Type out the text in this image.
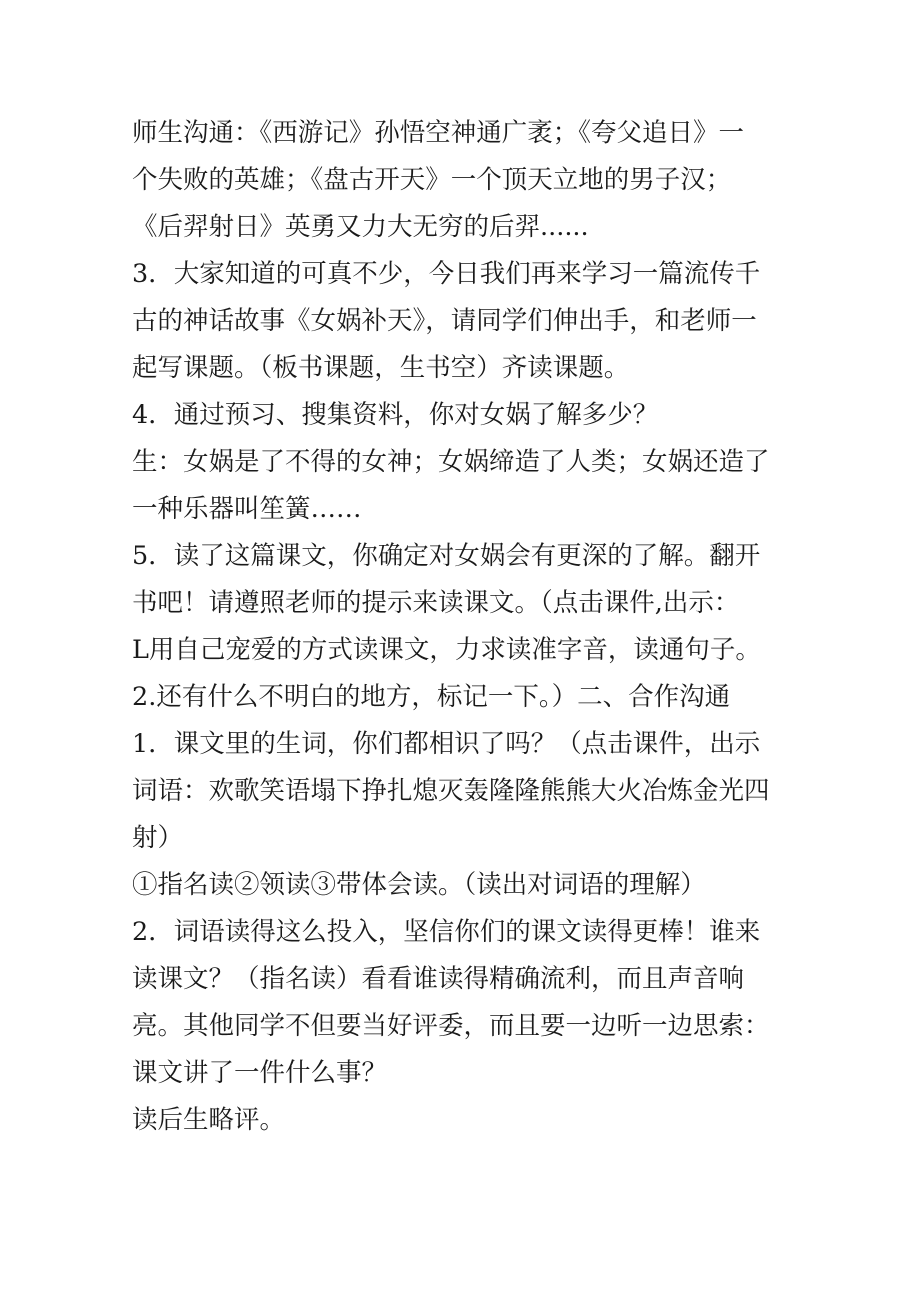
师生沟通：《西游记》孙悟空神通广袤；《夸父追日》一
个失败的英雄；《盘古开天》一个顶天立地的男子汉；
《后羿射日》英勇又力大无穷的后羿......
3．大家知道的可真不少，今日我们再来学习一篇流传千
古的神话故事《女娲补天》，请同学们伸出手，和老师一
起写课题。（板书课题，生书空）齐读课题。
4．通过预习、搜集资料，你对女娲了解多少？
生：女娲是了不得的女神；女娲缔造了人类；女娲还造了
一种乐器叫笙簧……
5．读了这篇课文，你确定对女娲会有更深的了解。翻开
书吧！请遵照老师的提示来读课文。（点击课件,出示：
L用自己宠爱的方式读课文，力求读准字音，读通句子。
2.还有什么不明白的地方，标记一下。）二、合作沟通
1．课文里的生词，你们都相识了吗？（点击课件，出示
词语：欢歌笑语塌下挣扎熄灭轰隆隆熊熊大火冶炼金光四
射）
①指名读②领读③带体会读。（读出对词语的理解）
2．词语读得这么投入，坚信你们的课文读得更棒！谁来
读课文？（指名读）看看谁读得精确流利，而且声音响
亮。其他同学不但要当好评委，而且要一边听一边思索：
课文讲了一件什么事？
读后生略评。
